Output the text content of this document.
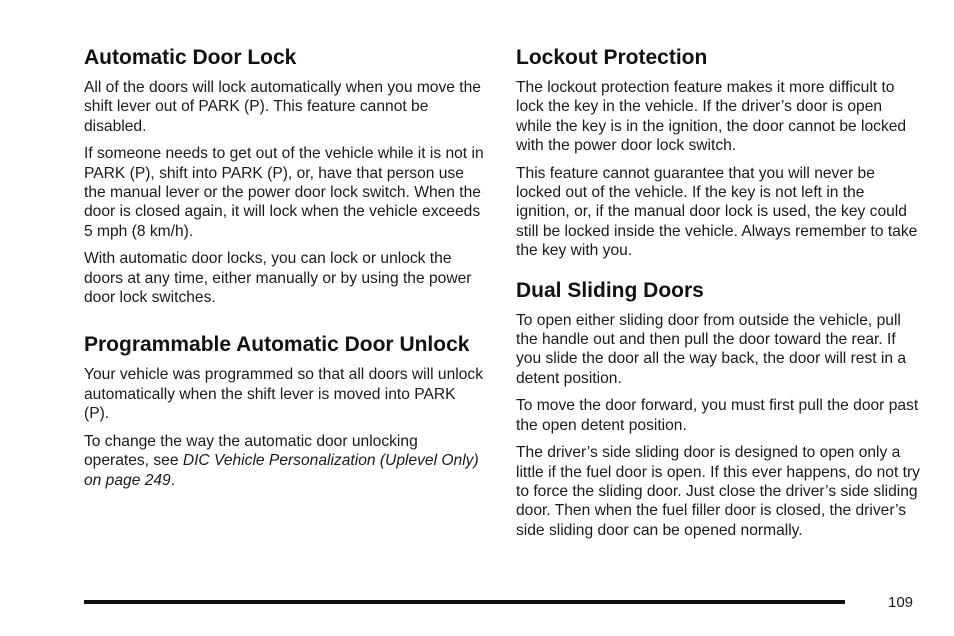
Automatic Door Lock

All of the doors will lock automatically when you move the shift lever out of PARK (P). This feature cannot be disabled.

If someone needs to get out of the vehicle while it is not in PARK (P), shift into PARK (P), or, have that person use the manual lever or the power door lock switch. When the door is closed again, it will lock when the vehicle exceeds 5 mph (8 km/h).

With automatic door locks, you can lock or unlock the doors at any time, either manually or by using the power door lock switches.

Programmable Automatic Door Unlock

Your vehicle was programmed so that all doors will unlock automatically when the shift lever is moved into PARK (P).

To change the way the automatic door unlocking operates, see DIC Vehicle Personalization (Uplevel Only) on page 249.

Lockout Protection

The lockout protection feature makes it more difficult to lock the key in the vehicle. If the driver’s door is open while the key is in the ignition, the door cannot be locked with the power door lock switch.

This feature cannot guarantee that you will never be locked out of the vehicle. If the key is not left in the ignition, or, if the manual door lock is used, the key could still be locked inside the vehicle. Always remember to take the key with you.

Dual Sliding Doors

To open either sliding door from outside the vehicle, pull the handle out and then pull the door toward the rear. If you slide the door all the way back, the door will rest in a detent position.

To move the door forward, you must first pull the door past the open detent position.

The driver’s side sliding door is designed to open only a little if the fuel door is open. If this ever happens, do not try to force the sliding door. Just close the driver’s side sliding door. Then when the fuel filler door is closed, the driver’s side sliding door can be opened normally.

109
